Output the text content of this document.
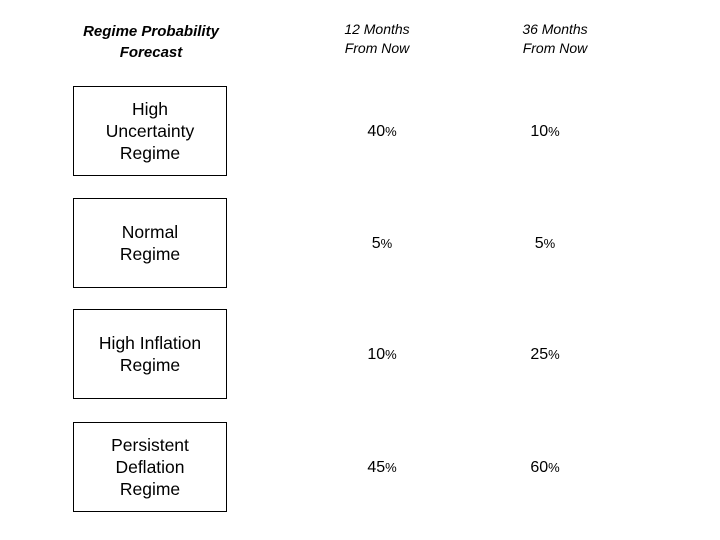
Regime Probability
Forecast
12 Months
From Now
36 Months
From Now
High
Uncertainty
Regime
Normal
Regime
High Inflation
Regime
Persistent
Deflation
Regime
40%
5%
10%
45%
10%
5%
25%
60%
